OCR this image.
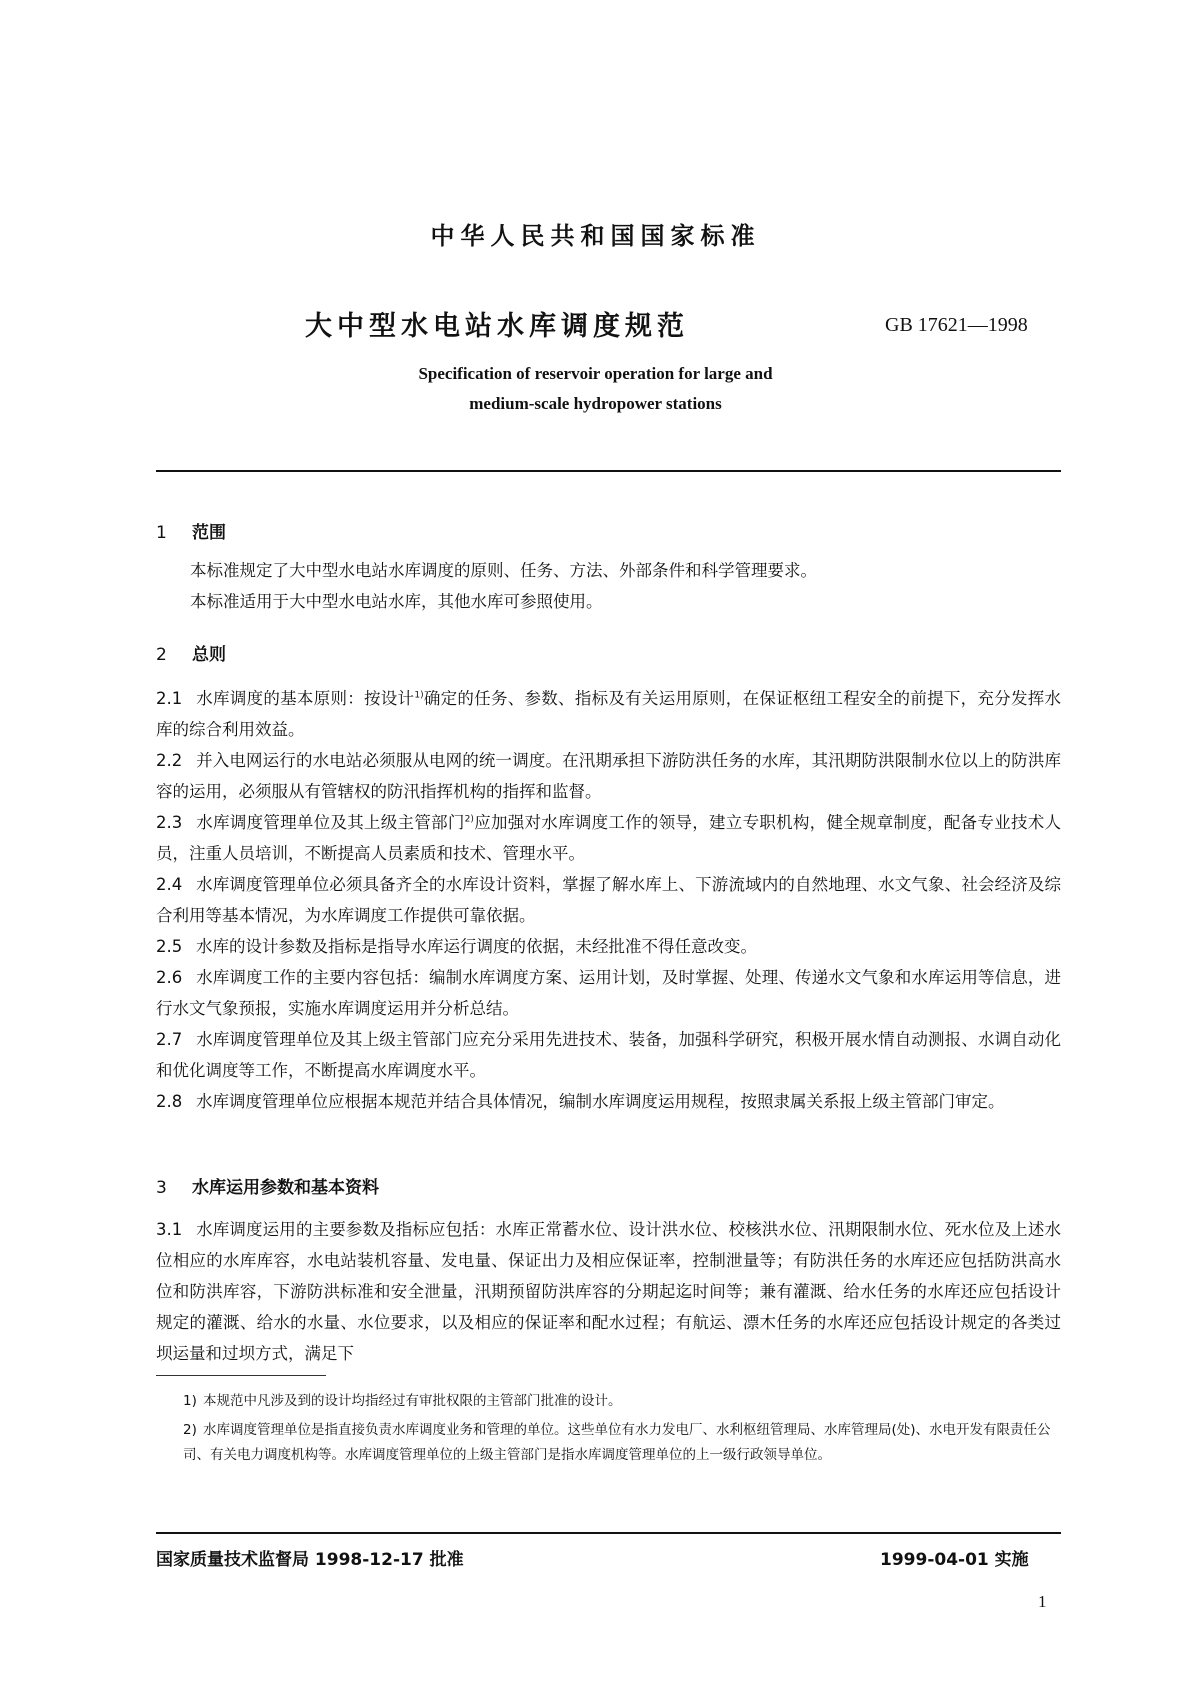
中华人民共和国国家标准
大中型水电站水库调度规范	GB 17621—1998
Specification of reservoir operation for large and
medium-scale hydropower stations
1 范围
本标准规定了大中型水电站水库调度的原则、任务、方法、外部条件和科学管理要求。
本标准适用于大中型水电站水库，其他水库可参照使用。
2 总则
2.1 水库调度的基本原则：按设计$^{1)}$确定的任务、参数、指标及有关运用原则，在保证枢纽工程安全的前提下，充分发挥水库的综合利用效益。
2.2 并入电网运行的水电站必须服从电网的统一调度。在汛期承担下游防洪任务的水库，其汛期防洪限制水位以上的防洪库容的运用，必须服从有管辖权的防汛指挥机构的指挥和监督。
2.3 水库调度管理单位及其上级主管部门$^{2)}$应加强对水库调度工作的领导，建立专职机构，健全规章制度，配备专业技术人员，注重人员培训，不断提高人员素质和技术、管理水平。
2.4 水库调度管理单位必须具备齐全的水库设计资料，掌握了解水库上、下游流域内的自然地理、水文气象、社会经济及综合利用等基本情况，为水库调度工作提供可靠依据。
2.5 水库的设计参数及指标是指导水库运行调度的依据，未经批准不得任意改变。
2.6 水库调度工作的主要内容包括：编制水库调度方案、运用计划，及时掌握、处理、传递水文气象和水库运用等信息，进行水文气象预报，实施水库调度运用并分析总结。
2.7 水库调度管理单位及其上级主管部门应充分采用先进技术、装备，加强科学研究，积极开展水情自动测报、水调自动化和优化调度等工作，不断提高水库调度水平。
2.8 水库调度管理单位应根据本规范并结合具体情况，编制水库调度运用规程，按照隶属关系报上级主管部门审定。
3 水库运用参数和基本资料
3.1 水库调度运用的主要参数及指标应包括：水库正常蓄水位、设计洪水位、校核洪水位、汛期限制水位、死水位及上述水位相应的水库库容，水电站装机容量、发电量、保证出力及相应保证率，控制泄量等；有防洪任务的水库还应包括防洪高水位和防洪库容，下游防洪标准和安全泄量，汛期预留防洪库容的分期起迄时间等；兼有灌溉、给水任务的水库还应包括设计规定的灌溉、给水的水量、水位要求，以及相应的保证率和配水过程；有航运、漂木任务的水库还应包括设计规定的各类过坝运量和过坝方式，满足下
1) 本规范中凡涉及到的设计均指经过有审批权限的主管部门批准的设计。
2) 水库调度管理单位是指直接负责水库调度业务和管理的单位。这些单位有水力发电厂、水利枢纽管理局、水库管理局(处)、水电开发有限责任公司、有关电力调度机构等。水库调度管理单位的上级主管部门是指水库调度管理单位的上一级行政领导单位。
国家质量技术监督局 1998-12-17 批准	1999-04-01 实施
1
